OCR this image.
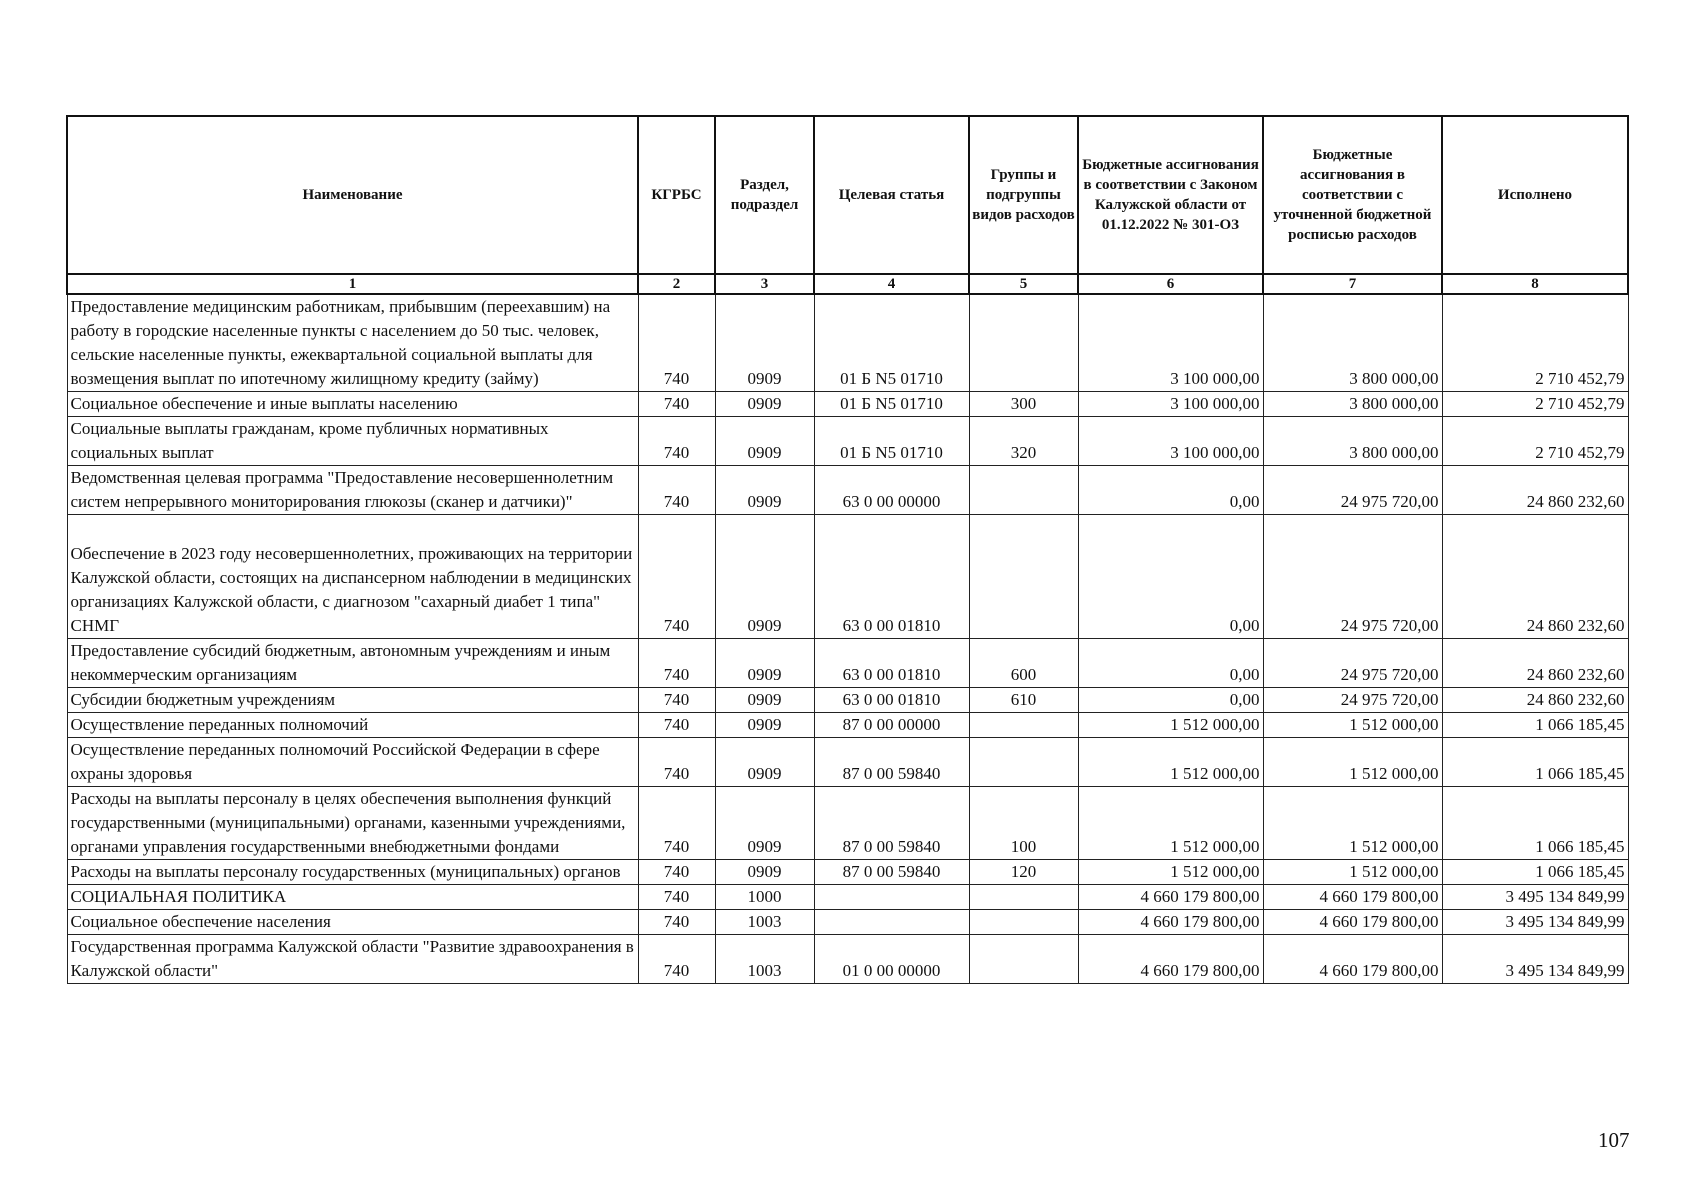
Наименование	КГРБС	Раздел, подраздел	Целевая статья	Группы и подгруппы видов расходов	Бюджетные ассигнования в соответствии с Законом Калужской области от 01.12.2022 № 301-ОЗ	Бюджетные ассигнования в соответствии с уточненной бюджетной росписью расходов	Исполнено
1	2	3	4	5	6	7	8
Предоставление медицинским работникам, прибывшим (переехавшим) на работу в городские населенные пункты с населением до 50 тыс. человек, сельские населенные пункты, ежеквартальной социальной выплаты для возмещения выплат по ипотечному жилищному кредиту (займу)	740	0909	01 Б N5 01710		3 100 000,00	3 800 000,00	2 710 452,79
Социальное обеспечение и иные выплаты населению	740	0909	01 Б N5 01710	300	3 100 000,00	3 800 000,00	2 710 452,79
Социальные выплаты гражданам, кроме публичных нормативных социальных выплат	740	0909	01 Б N5 01710	320	3 100 000,00	3 800 000,00	2 710 452,79
Ведомственная целевая программа "Предоставление несовершеннолетним систем непрерывного мониторирования глюкозы (сканер и датчики)"	740	0909	63 0 00 00000		0,00	24 975 720,00	24 860 232,60
Обеспечение в 2023 году несовершеннолетних, проживающих на территории Калужской области, состоящих на диспансерном наблюдении в медицинских организациях Калужской области, с диагнозом "сахарный диабет 1 типа" СНМГ	740	0909	63 0 00 01810		0,00	24 975 720,00	24 860 232,60
Предоставление субсидий бюджетным, автономным учреждениям и иным некоммерческим организациям	740	0909	63 0 00 01810	600	0,00	24 975 720,00	24 860 232,60
Субсидии бюджетным учреждениям	740	0909	63 0 00 01810	610	0,00	24 975 720,00	24 860 232,60
Осуществление переданных полномочий	740	0909	87 0 00 00000		1 512 000,00	1 512 000,00	1 066 185,45
Осуществление переданных полномочий Российской Федерации в сфере охраны здоровья	740	0909	87 0 00 59840		1 512 000,00	1 512 000,00	1 066 185,45
Расходы на выплаты персоналу в целях обеспечения выполнения функций государственными (муниципальными) органами, казенными учреждениями, органами управления государственными внебюджетными фондами	740	0909	87 0 00 59840	100	1 512 000,00	1 512 000,00	1 066 185,45
Расходы на выплаты персоналу государственных (муниципальных) органов	740	0909	87 0 00 59840	120	1 512 000,00	1 512 000,00	1 066 185,45
СОЦИАЛЬНАЯ ПОЛИТИКА	740	1000			4 660 179 800,00	4 660 179 800,00	3 495 134 849,99
Социальное обеспечение населения	740	1003			4 660 179 800,00	4 660 179 800,00	3 495 134 849,99
Государственная программа Калужской области "Развитие здравоохранения в Калужской области"	740	1003	01 0 00 00000		4 660 179 800,00	4 660 179 800,00	3 495 134 849,99
107
